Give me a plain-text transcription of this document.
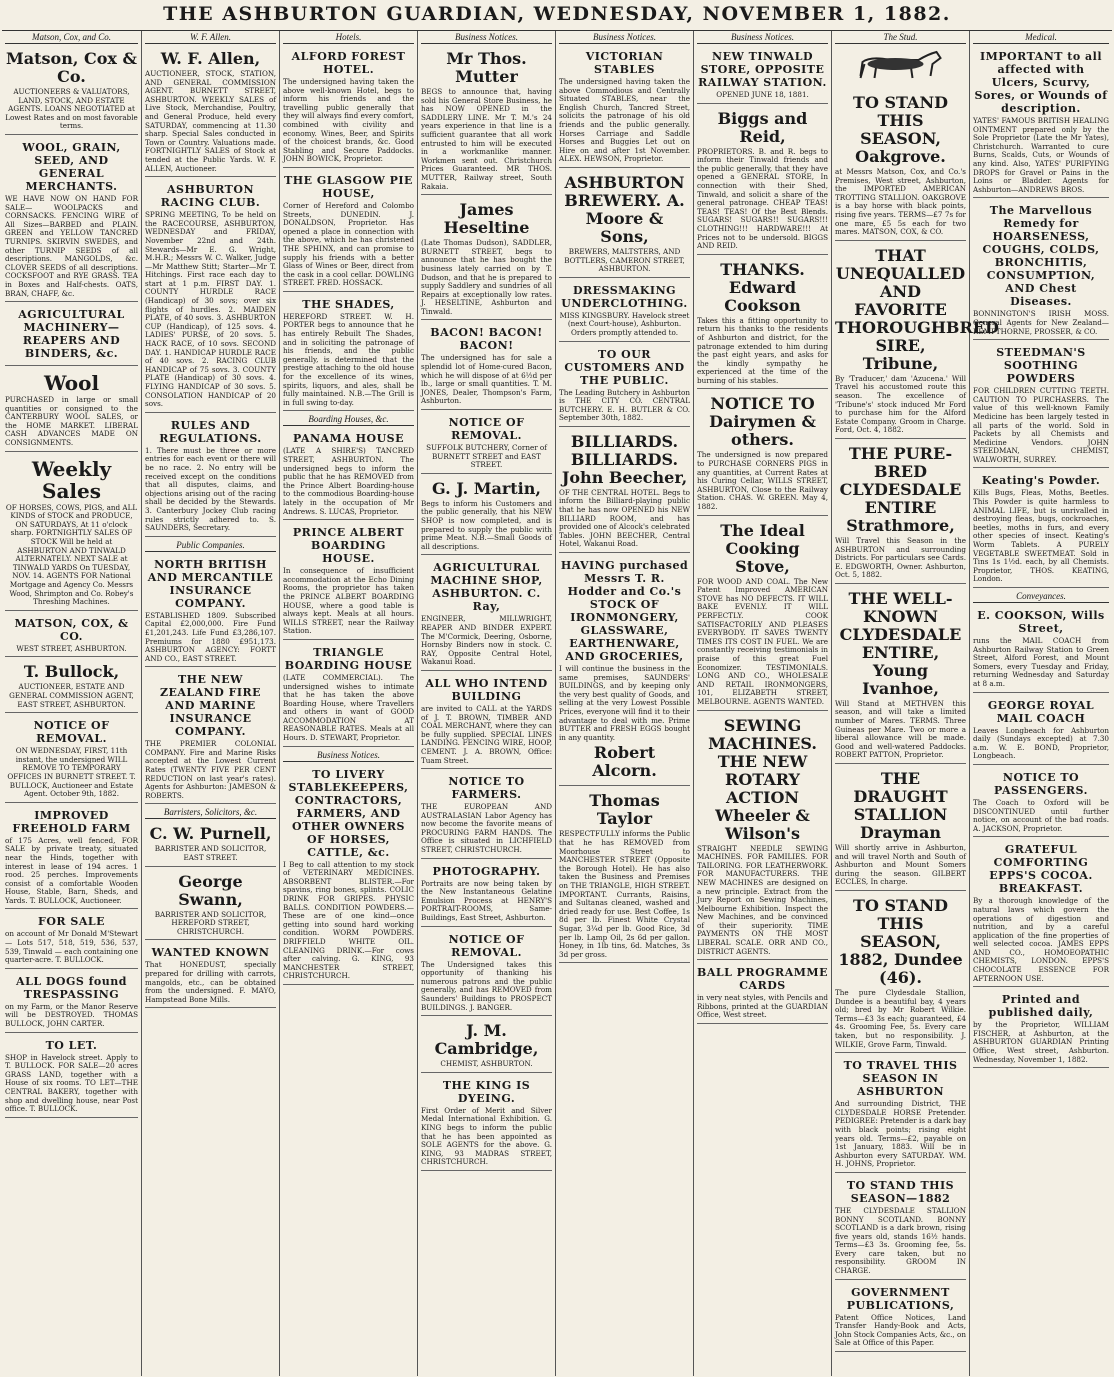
THE ASHBURTON GUARDIAN, WEDNESDAY, NOVEMBER 1, 1882.
Matson, Cox, and Co.
Matson, Cox & Co.

AUCTIONEERS & VALUATORS, LAND, STOCK, AND ESTATE AGENTS. LOANS NEGOTIATED at Lowest Rates and on most favorable terms.

WOOL, GRAIN, SEED, AND GENERAL MERCHANTS.

WE HAVE NOW ON HAND FOR SALE— WOOLPACKS and CORNSACKS. FENCING WIRE of All Sizes—BARBED and PLAIN. GREEN and YELLOW TANCRED TURNIPS. SKIRVIN SWEDES, and other TURNIP SEEDS of all descriptions. MANGOLDS, &c. CLOVER SEEDS of all descriptions. COCKSFOOT and RYE GRASS. TEA in Boxes and Half-chests. OATS, BRAN, CHAFF, &c.

AGRICULTURAL MACHINERY—REAPERS AND BINDERS, &c.
Wool

PURCHASED in large or small quantities or consigned to the CANTERBURY WOOL SALES, or the HOME MARKET. LIBERAL CASH ADVANCES MADE ON CONSIGNMENTS.

Weekly Sales

OF HORSES, COWS, PIGS, and ALL KINDS of STOCK and PRODUCE, ON SATURDAYS, At 11 o'clock sharp. FORTNIGHTLY SALES OF STOCK Will be held at ASHBURTON AND TINWALD ALTERNATELY. NEXT SALE at TINWALD YARDS On TUESDAY, NOV. 14. AGENTS FOR National Mortgage and Agency Co. Messrs Wood, Shrimpton and Co. Robey's Threshing Machines.

MATSON, COX, & CO.

WEST STREET, ASHBURTON.

T. Bullock,

AUCTIONEER, ESTATE AND GENERAL COMMISSION AGENT, EAST STREET, ASHBURTON.

NOTICE OF REMOVAL.

ON WEDNESDAY, FIRST, 11th instant, the undersigned WILL REMOVE TO TEMPORARY OFFICES IN BURNETT STREET. T. BULLOCK, Auctioneer and Estate Agent. October 9th, 1882.

IMPROVED FREEHOLD FARM

of 175 Acres, well fenced, FOR SALE by private treaty, situated near the Hinds, together with interest in lease of 194 acres. 1 rood. 25 perches. Improvements consist of a comfortable Wooden House, Stable, Barn, Sheds, and Yards. T. BULLOCK, Auctioneer.

FOR SALE

on account of Mr Donald M'Stewart — Lots 517, 518, 519, 536, 537, 539, Tinwald — each containing one quarter-acre. T. BULLOCK.

ALL DOGS found TRESPASSING

on my Farm, or the Manor Reserve will be DESTROYED. THOMAS BULLOCK, JOHN CARTER.

TO LET.

SHOP in Havelock street. Apply to T. BULLOCK. FOR SALE—20 acres GRASS LAND, together with a House of six rooms. TO LET—THE CENTRAL BAKERY, together with shop and dwelling house, near Post office. T. BULLOCK.

W. F. Allen.
W. F. Allen,

AUCTIONEER, STOCK, STATION, AND GENERAL COMMISSION AGENT. BURNETT STREET, ASHBURTON. WEEKLY SALES of Live Stock, Merchandise, Poultry, and General Produce, held every SATURDAY, commencing at 11.30 sharp. Special Sales conducted in Town or Country. Valuations made. FORTNIGHTLY SALES of Stock at tended at the Public Yards. W. F. ALLEN, Auctioneer.

ASHBURTON RACING CLUB.

SPRING MEETING, To be held on the RACECOURSE, ASHBURTON, WEDNESDAY and FRIDAY, November 22nd and 24th. Stewards—Mr E. G. Wright, M.H.R.; Messrs W. C. Walker, Judge—Mr Matthew Stitt; Starter—Mr T. Hitchings. First race each day to start at 1 p.m. FIRST DAY. 1. COUNTY HURDLE RACE (Handicap) of 30 sovs; over six flights of hurdles. 2. MAIDEN PLATE, of 40 sovs. 3. ASHBURTON CUP (Handicap), of 125 sovs. 4. LADIES' PURSE, of 20 sovs. 5. HACK RACE, of 10 sovs. SECOND DAY. 1. HANDICAP HURDLE RACE of 40 sovs. 2. RACING CLUB HANDICAP of 75 sovs. 3. COUNTY PLATE (Handicap) of 30 sovs. 4. FLYING HANDICAP of 30 sovs. 5. CONSOLATION HANDICAP of 20 sovs.

RULES AND REGULATIONS.

1. There must be three or more entries for each event or there will be no race. 2. No entry will be received except on the conditions that all disputes, claims, and objections arising out of the racing shall be decided by the Stewards. 3. Canterbury Jockey Club racing rules strictly adhered to. S. SAUNDERS, Secretary.

Public Companies.
NORTH BRITISH AND MERCANTILE INSURANCE COMPANY.

ESTABLISHED 1809. Subscribed Capital £2,000,000. Fire Fund £1,201,243. Life Fund £3,286,107. Premiums for 1880 £951,173. ASHBURTON AGENCY: FORTT AND CO., EAST STREET.

THE NEW ZEALAND FIRE AND MARINE INSURANCE COMPANY.

THE PREMIER COLONIAL COMPANY. Fire and Marine Risks accepted at the Lowest Current Rates (TWENTY FIVE PER CENT REDUCTION on last year's rates). Agents for Ashburton: JAMESON & ROBERTS.

Barristers, Solicitors, &c.
C. W. Purnell,

BARRISTER AND SOLICITOR, EAST STREET.

George Swann,

BARRISTER AND SOLICITOR, HEREFORD STREET, CHRISTCHURCH.

WANTED KNOWN

That HONEDUST, specially prepared for drilling with carrots, mangolds, etc., can be obtained from the undersigned. F. MAYO, Hampstead Bone Mills.

Hotels.
ALFORD FOREST HOTEL.

The undersigned having taken the above well-known Hotel, begs to inform his friends and the travelling public generally that they will always find every comfort, combined with civility and economy. Wines, Beer, and Spirits of the choicest brands, &c. Good Stabling and Secure Paddocks. JOHN BOWICK, Proprietor.

THE GLASGOW PIE HOUSE,

Corner of Hereford and Colombo Streets, DUNEDIN. J. DONALDSON, Proprietor. Has opened a place in connection with the above, which he has christened THE SPHINX, and can promise to supply his friends with a better Glass of Wines or Beer, direct from the cask in a cool cellar. DOWLING STREET. FRED. HOSSACK.

THE SHADES,

HEREFORD STREET. W. H. PORTER begs to announce that he has entirely Rebuilt The Shades, and in soliciting the patronage of his friends, and the public generally, is determined that the prestige attaching to the old house for the excellence of its wines, spirits, liquors, and ales, shall be fully maintained. N.B.—The Grill is in full swing to-day.

Boarding Houses, &c.
PANAMA HOUSE

(LATE A SHIRE'S) TANCRED STREET, ASHBURTON. The undersigned begs to inform the public that he has REMOVED from the Prince Albert Boarding-house to the commodious Boarding-house lately in the occupation of Mr Andrews. S. LUCAS, Proprietor.

PRINCE ALBERT BOARDING HOUSE.

In consequence of insufficient accommodation at the Echo Dining Rooms, the proprietor has taken the PRINCE ALBERT BOARDING HOUSE, where a good table is always kept. Meals at all hours. WILLS STREET, near the Railway Station.

TRIANGLE BOARDING HOUSE

(LATE COMMERCIAL). The undersigned wishes to intimate that he has taken the above Boarding House, where Travellers and others in want of GOOD ACCOMMODATION AT REASONABLE RATES. Meals at all Hours. D. STEWART, Proprietor.

Business Notices.
TO LIVERY STABLEKEEPERS, CONTRACTORS, FARMERS, AND OTHER OWNERS OF HORSES, CATTLE, &c.

I Beg to call attention to my stock of VETERINARY MEDICINES. ABSORBENT BLISTER.—For spavins, ring bones, splints. COLIC DRINK FOR GRIPES. PHYSIC BALLS. CONDITION POWDERS.—These are of one kind—once getting into sound hard working condition. WORM POWDERS. DRIFFIELD WHITE OIL. CLEANING DRINK.—For cows after calving. G. KING, 93 MANCHESTER STREET, CHRISTCHURCH.

Business Notices.
Mr Thos. Mutter

BEGS to announce that, having sold his General Store Business, he has NOW OPENED in the SADDLERY LINE. Mr T. M.'s 24 years experience in that line is a sufficient guarantee that all work entrusted to him will be executed in a workmanlike manner. Workmen sent out. Christchurch Prices Guaranteed. MR THOS. MUTTER, Railway street, South Rakaia.

James Heseltine

(Late Thomas Dudson), SADDLER, BURNETT STREET, begs to announce that he has bought the business lately carried on by T. Dudson, and that he is prepared to supply Saddlery and sundries of all Repairs at exceptionally low rates. J. HESELTINE, Ashburton and Tinwald.

BACON! BACON! BACON!

The undersigned has for sale a splendid lot of Home-cured Bacon, which he will dispose of at 6½d per lb., large or small quantities. T. M. JONES, Dealer, Thompson's Farm, Ashburton.

NOTICE OF REMOVAL.

SUFFOLK BUTCHERY, Corner of BURNETT STREET and EAST STREET.

G. J. Martin,

Begs to inform his Customers and the public generally, that his NEW SHOP is now completed, and is prepared to supply the public with prime Meat. N.B.—Small Goods of all descriptions.

AGRICULTURAL MACHINE SHOP, ASHBURTON. C. Ray,

ENGINEER, MILLWRIGHT, REAPER AND BINDER EXPERT. The M'Cormick, Deering, Osborne, Hornsby Binders now in stock. C. RAY, Opposite Central Hotel, Wakanui Road.

ALL WHO INTEND BUILDING

are invited to CALL at the YARDS of J. T. BROWN, TIMBER AND COAL MERCHANT, where they can be fully supplied. SPECIAL LINES LANDING. FENCING WIRE, HOOP, CEMENT. J. A. BROWN, Office: Tuam Street.

NOTICE TO FARMERS.

THE EUROPEAN AND AUSTRALASIAN Labor Agency has now become the favorite means of PROCURING FARM HANDS. The Office is situated in LICHFIELD STREET, CHRISTCHURCH.

PHOTOGRAPHY.

Portraits are now being taken by the New Instantaneous Gelatine Emulsion Process at HENRY'S PORTRAIT-ROOMS, Same-Buildings, East Street, Ashburton.

NOTICE OF REMOVAL.

The Undersigned takes this opportunity of thanking his numerous patrons and the public generally, and has REMOVED from Saunders' Buildings to PROSPECT BUILDINGS. J. BANGER.

J. M. Cambridge,

CHEMIST, ASHBURTON.

THE KING IS DYEING.

First Order of Merit and Silver Medal International Exhibition. G. KING begs to inform the public that he has been appointed as SOLE AGENTS for the above. G. KING, 93 MADRAS STREET, CHRISTCHURCH.

Business Notices.
VICTORIAN STABLES

The undersigned having taken the above Commodious and Centrally Situated STABLES, near the English Church, Tancred Street, solicits the patronage of his old friends and the public generally. Horses Carriage and Saddle Horses and Buggies Let out on Hire on and after 1st November. ALEX. HEWSON, Proprietor.

ASHBURTON BREWERY. A. Moore & Sons,

BREWERS, MALTSTERS, AND BOTTLERS, CAMERON STREET, ASHBURTON.

DRESSMAKING UNDERCLOTHING.

MISS KINGSBURY. Havelock street (next Court-house), Ashburton. Orders promptly attended to.

TO OUR CUSTOMERS AND THE PUBLIC.

The Leading Butchery in Ashburton is THE CITY CO. CENTRAL BUTCHERY. E. H. BUTLER & CO. September 30th, 1882.

BILLIARDS. BILLIARDS. John Beecher,

OF THE CENTRAL HOTEL. Begs to inform the Billiard-playing public that he has now OPENED his NEW BILLIARD ROOM, and has provided one of Alcock's celebrated Tables. JOHN BEECHER, Central Hotel, Wakanui Road.

HAVING purchased Messrs T. R. Hodder and Co.'s STOCK OF IRONMONGERY, GLASSWARE, EARTHENWARE, AND GROCERIES,

I will continue the business in the same premises, SAUNDERS' BUILDINGS, and by keeping only the very best quality of Goods, and selling at the very Lowest Possible Prices, everyone will find it to their advantage to deal with me. Prime BUTTER and FRESH EGGS bought in any quantity.

Robert Alcorn.
Thomas Taylor

RESPECTFULLY informs the Public that he has REMOVED from Moorhouse Street to MANCHESTER STREET (Opposite the Borough Hotel). He has also taken the Business and Premises on THE TRIANGLE, HIGH STREET. IMPORTANT. Currants, Raisins, and Sultanas cleaned, washed and dried ready for use. Best Coffee, 1s 8d per lb. Finest White Crystal Sugar, 3¼d per lb. Good Rice, 3d per lb. Lamp Oil, 2s 6d per gallon. Honey, in 1lb tins, 6d. Matches, 3s 3d per gross.

Business Notices.
NEW TINWALD STORE, OPPOSITE RAILWAY STATION.

OPENED JUNE 18, 1881.

Biggs and Reid,

PROPRIETORS. B. and R. begs to inform their Tinwald friends and the public generally, that they have opened a GENERAL STORE, In connection with their Shed, Tinwald, and solicit a share of the general patronage. CHEAP TEAS! TEAS! TEAS! Of the Best Blends. SUGARS! SUGARS!! SUGARS!!! CLOTHING!!! HARDWARE!!! At Prices not to be undersold. BIGGS AND REID.

THANKS. Edward Cookson

Takes this a fitting opportunity to return his thanks to the residents of Ashburton and district, for the patronage extended to him during the past eight years, and asks for the kindly sympathy he experienced at the time of the burning of his stables.

NOTICE TO Dairymen & others.

The undersigned is now prepared to PURCHASE CORNERS PIGS in any quantities, at Current Rates at his Curing Cellar, WILLS STREET, ASHBURTON, Close to the Railway Station. CHAS. W. GREEN. May 4, 1882.

The Ideal Cooking Stove,

FOR WOOD AND COAL. The New Patent Improved AMERICAN STOVE has NO DEFECTS. IT WILL BAKE EVENLY. IT WILL PERFECTLY. COOK SATISFACTORILY AND PLEASES EVERYBODY. IT SAVES TWENTY TIMES ITS COST IN FUEL. We are constantly receiving testimonials in praise of this great Fuel Economizer. TESTIMONIALS. LONG AND CO., WHOLESALE AND RETAIL IRONMONGERS, 101, ELIZABETH STREET, MELBOURNE. AGENTS WANTED.

SEWING MACHINES. THE NEW ROTARY ACTION Wheeler & Wilson's

STRAIGHT NEEDLE SEWING MACHINES. FOR FAMILIES. FOR TAILORING. FOR LEATHERWORK. FOR MANUFACTURERS. THE NEW MACHINES are designed on a new principle. Extract from the Jury Report on Sewing Machines, Melbourne Exhibition. Inspect the New Machines, and be convinced of their superiority. TIME PAYMENTS ON THE MOST LIBERAL SCALE. ORR AND CO., DISTRICT AGENTS.

BALL PROGRAMME CARDS

in very neat styles, with Pencils and Ribbons, printed at the GUARDIAN Office, West street.

The Stud.
TO STAND THIS SEASON, Oakgrove.

at Messrs Matson, Cox, and Co.'s Premises, West street, Ashburton, the IMPORTED AMERICAN TROTTING STALLION. OAKGROVE is a bay horse with black points, rising five years. TERMS—£7 7s for one mare, £5 5s each for two mares. MATSON, COX, & CO.

THAT UNEQUALLED AND FAVORITE THOROUGHBRED SIRE, Tribune,

By 'Traducer,' dam 'Azucena.' Will Travel his accustomed route this season. The excellence of 'Tribune's' stock induced Mr Ford to purchase him for the Alford Estate Company. Groom in Charge. Ford, Oct. 4, 1882.

THE PURE-BRED CLYDESDALE ENTIRE Strathmore,

Will Travel this Season in the ASHBURTON and surrounding Districts. For particulars see Cards. E. EDGWORTH, Owner. Ashburton, Oct. 5, 1882.

THE WELL-KNOWN CLYDESDALE ENTIRE, Young Ivanhoe,

Will Stand at METHVEN this season, and will take a limited number of Mares. TERMS. Three Guineas per Mare. Two or more a liberal allowance will be made. Good and well-watered Paddocks. ROBERT PATTON, Proprietor.

THE DRAUGHT STALLION Drayman

Will shortly arrive in Ashburton, and will travel North and South of Ashburton and Mount Somers during the season. GILBERT ECCLES, In charge.

TO STAND THIS SEASON, 1882, Dundee (46).

The pure Clydesdale Stallion, Dundee is a beautiful bay, 4 years old; bred by Mr Robert Wilkie. Terms—£3 3s each; guaranteed, £4 4s. Grooming Fee, 5s. Every care taken, but no responsibility. J. WILKIE, Grove Farm, Tinwald.

TO TRAVEL THIS SEASON IN ASHBURTON

And surrounding District, THE CLYDESDALE HORSE Pretender. PEDIGREE: Pretender is a dark bay with black points; rising eight years old. Terms—£2, payable on 1st January, 1883. Will be in Ashburton every SATURDAY. WM. H. JOHNS, Proprietor.

TO STAND THIS SEASON—1882

THE CLYDESDALE STALLION BONNY SCOTLAND. BONNY SCOTLAND is a dark brown, rising five years old, stands 16½ hands. Terms—£3 3s. Grooming fee, 5s. Every care taken, but no responsibility. GROOM IN CHARGE.

GOVERNMENT PUBLICATIONS,

Patent Office Notices, Land Transfer Handy-Book and Acts, John Stock Companies Acts, &c., on Sale at Office of this Paper.

Medical.
IMPORTANT to all affected with Ulcers, Scurvy, Sores, or Wounds of description.

YATES' FAMOUS BRITISH HEALING OINTMENT prepared only by the Sole Proprietor (Late the Mr Yates), Christchurch. Warranted to cure Burns, Scalds, Cuts, or Wounds of any kind. Also, YATES' PURIFYING DROPS for Gravel or Pains in the Loins or Bladder. Agents for Ashburton—ANDREWS BROS.

The Marvellous Remedy for HOARSENESS, COUGHS, COLDS, BRONCHITIS, CONSUMPTION, AND Chest Diseases.

BONNINGTON'S IRISH MOSS. General Agents for New Zealand—KEMPTHORNE, PROSSER, & CO.

STEEDMAN'S SOOTHING POWDERS

FOR CHILDREN CUTTING TEETH. CAUTION TO PURCHASERS. The value of this well-known Family Medicine has been largely tested in all parts of the world. Sold in Packets by all Chemists and Medicine Vendors. JOHN STEEDMAN, CHEMIST, WALWORTH, SURREY.

Keating's Powder.

Kills Bugs, Fleas, Moths, Beetles. This Powder is quite harmless to ANIMAL LIFE, but is unrivalled in destroying fleas, bugs, cockroaches, beetles, moths in furs, and every other species of insect. Keating's Worm Tablets. A PURELY VEGETABLE SWEETMEAT. Sold in Tins 1s 1½d. each, by all Chemists. Proprietor, THOS. KEATING, London.

Conveyances.
E. COOKSON, Wills Street,

runs the MAIL COACH from Ashburton Railway Station to Green Street, Alford Forest, and Mount Somers, every Tuesday and Friday, returning Wednesday and Saturday at 8 a.m.

GEORGE ROYAL MAIL COACH

Leaves Longbeach for Ashburton daily (Sundays excepted) at 7.30 a.m. W. E. BOND, Proprietor, Longbeach.

NOTICE TO PASSENGERS.

The Coach to Oxford will be DISCONTINUED until further notice, on account of the bad roads. A. JACKSON, Proprietor.

GRATEFUL COMFORTING EPPS'S COCOA. BREAKFAST.

By a thorough knowledge of the natural laws which govern the operations of digestion and nutrition, and by a careful application of the fine properties of well selected cocoa. JAMES EPPS AND CO., HOMOEOPATHIC CHEMISTS, LONDON. EPPS'S CHOCOLATE ESSENCE FOR AFTERNOON USE.

Printed and published daily,

by the Proprietor, WILLIAM FISCHER, at Ashburton, at the ASHBURTON GUARDIAN Printing Office, West street, Ashburton. Wednesday, November 1, 1882.
